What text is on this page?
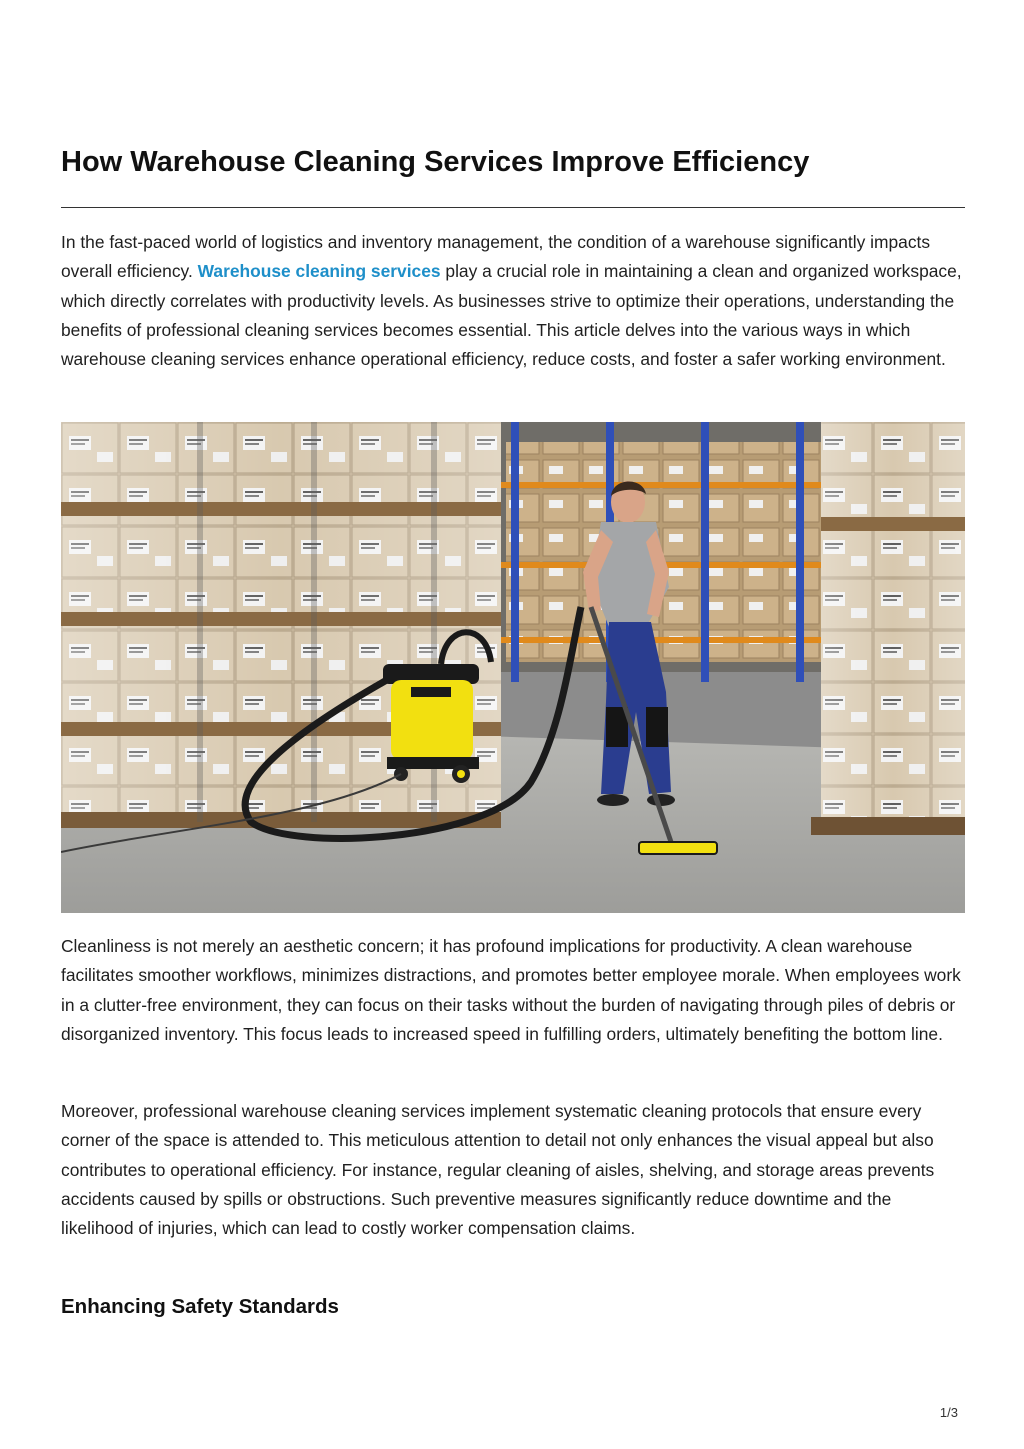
How Warehouse Cleaning Services Improve Efficiency

In the fast-paced world of logistics and inventory management, the condition of a warehouse significantly impacts overall efficiency. Warehouse cleaning services play a crucial role in maintaining a clean and organized workspace, which directly correlates with productivity levels. As businesses strive to optimize their operations, understanding the benefits of professional cleaning services becomes essential. This article delves into the various ways in which warehouse cleaning services enhance operational efficiency, reduce costs, and foster a safer working environment.

Cleanliness is not merely an aesthetic concern; it has profound implications for productivity. A clean warehouse facilitates smoother workflows, minimizes distractions, and promotes better employee morale. When employees work in a clutter-free environment, they can focus on their tasks without the burden of navigating through piles of debris or disorganized inventory. This focus leads to increased speed in fulfilling orders, ultimately benefiting the bottom line.

Moreover, professional warehouse cleaning services implement systematic cleaning protocols that ensure every corner of the space is attended to. This meticulous attention to detail not only enhances the visual appeal but also contributes to operational efficiency. For instance, regular cleaning of aisles, shelving, and storage areas prevents accidents caused by spills or obstructions. Such preventive measures significantly reduce downtime and the likelihood of injuries, which can lead to costly worker compensation claims.

Enhancing Safety Standards
1/3
